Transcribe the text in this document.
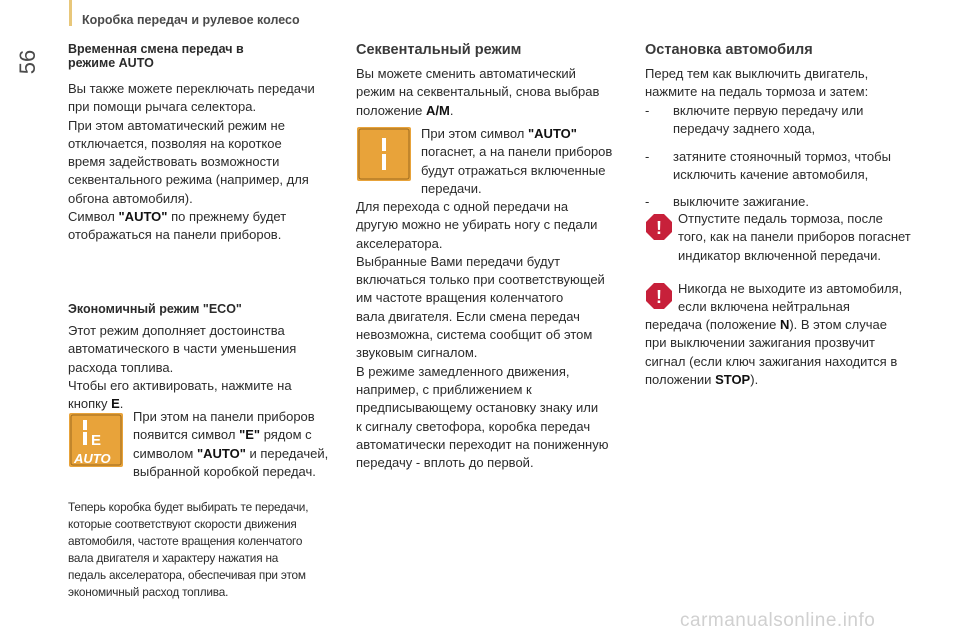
Коробка передач и рулевое колесо
56
Временная смена передач в
режиме AUTO

Вы также можете переключать передачи

при помощи рычага селектора.

При этом автоматический режим не

отключается, позволяя на короткое

время задействовать возможности

секвентального режима (например, для

обгона автомобиля).

Символ "AUTO" по прежнему будет

отображаться на панели приборов.

Экономичный режим "ECO"

Этот режим дополняет достоинства

автоматического в части уменьшения

расхода топлива.

Чтобы его активировать, нажмите на

кнопку E.

E
AUTO

При этом на панели приборов

появится символ "E" рядом с

символом "AUTO" и передачей,

выбранной коробкой передач.

Теперь коробка будет выбирать те передачи,

которые соответствуют скорости движения

автомобиля, частоте вращения коленчатого

вала двигателя и характеру нажатия на

педаль акселератора, обеспечивая при этом

экономичный расход топлива.

Секвентальный режим

Вы можете сменить автоматический

режим на секвентальный, снова выбрав

положение A/M.

При этом символ "AUTO"

погаснет, а на панели приборов

будут отражаться включенные

передачи.

Для перехода с одной передачи на

другую можно не убирать ногу с педали

акселератора.

Выбранные Вами передачи будут

включаться только при соответствующей

им частоте вращения коленчатого

вала двигателя. Если смена передач

невозможна, система сообщит об этом

звуковым сигналом.

В режиме замедленного движения,

например, с приближением к

предписывающему остановку знаку или

к сигналу светофора, коробка передач

автоматически переходит на пониженную

передачу - вплоть до первой.

Остановка автомобиля

Перед тем как выключить двигатель,

нажмите на педаль тормоза и затем:

- включите первую передачу или
передачу заднего хода,
- затяните стояночный тормоз, чтобы
исключить качение автомобиля,
- выключите зажигание.
! Отпустите педаль тормоза, после

того, как на панели приборов погаснет

индикатор включенной передачи.

! Никогда не выходите из автомобиля,

если включена нейтральная

передача (положение N). В этом случае

при выключении зажигания прозвучит

сигнал (если ключ зажигания находится в

положении STOP).

carmanualsonline.info
